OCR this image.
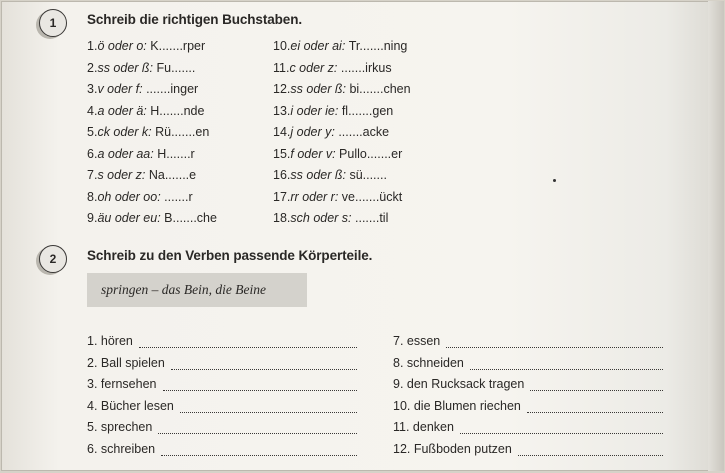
1	Schreib die richtigen Buchstaben.
1.ö oder o: K.......rper
2.ss oder ß: Fu.......
3.v oder f: .......inger
4.a oder ä: H.......nde
5.ck oder k: Rü.......en
6.a oder aa: H.......r
7.s oder z: Na.......e
8.oh oder oo: .......r
9.äu oder eu: B.......che
10.ei oder ai: Tr.......ning
11.c oder z: .......irkus
12.ss oder ß: bi.......chen
13.i oder ie: fl.......gen
14.j oder y: .......acke
15.f oder v: Pullo.......er
16.ss oder ß: sü.......
17.rr oder r: ve.......ückt
18.sch oder s: .......til
2	Schreib zu den Verben passende Körperteile.
springen – das Bein, die Beine
1. hören
2. Ball spielen
3. fernsehen
4. Bücher lesen
5. sprechen
6. schreiben
7. essen
8. schneiden
9. den Rucksack tragen
10. die Blumen riechen
11. denken
12. Fußboden putzen
